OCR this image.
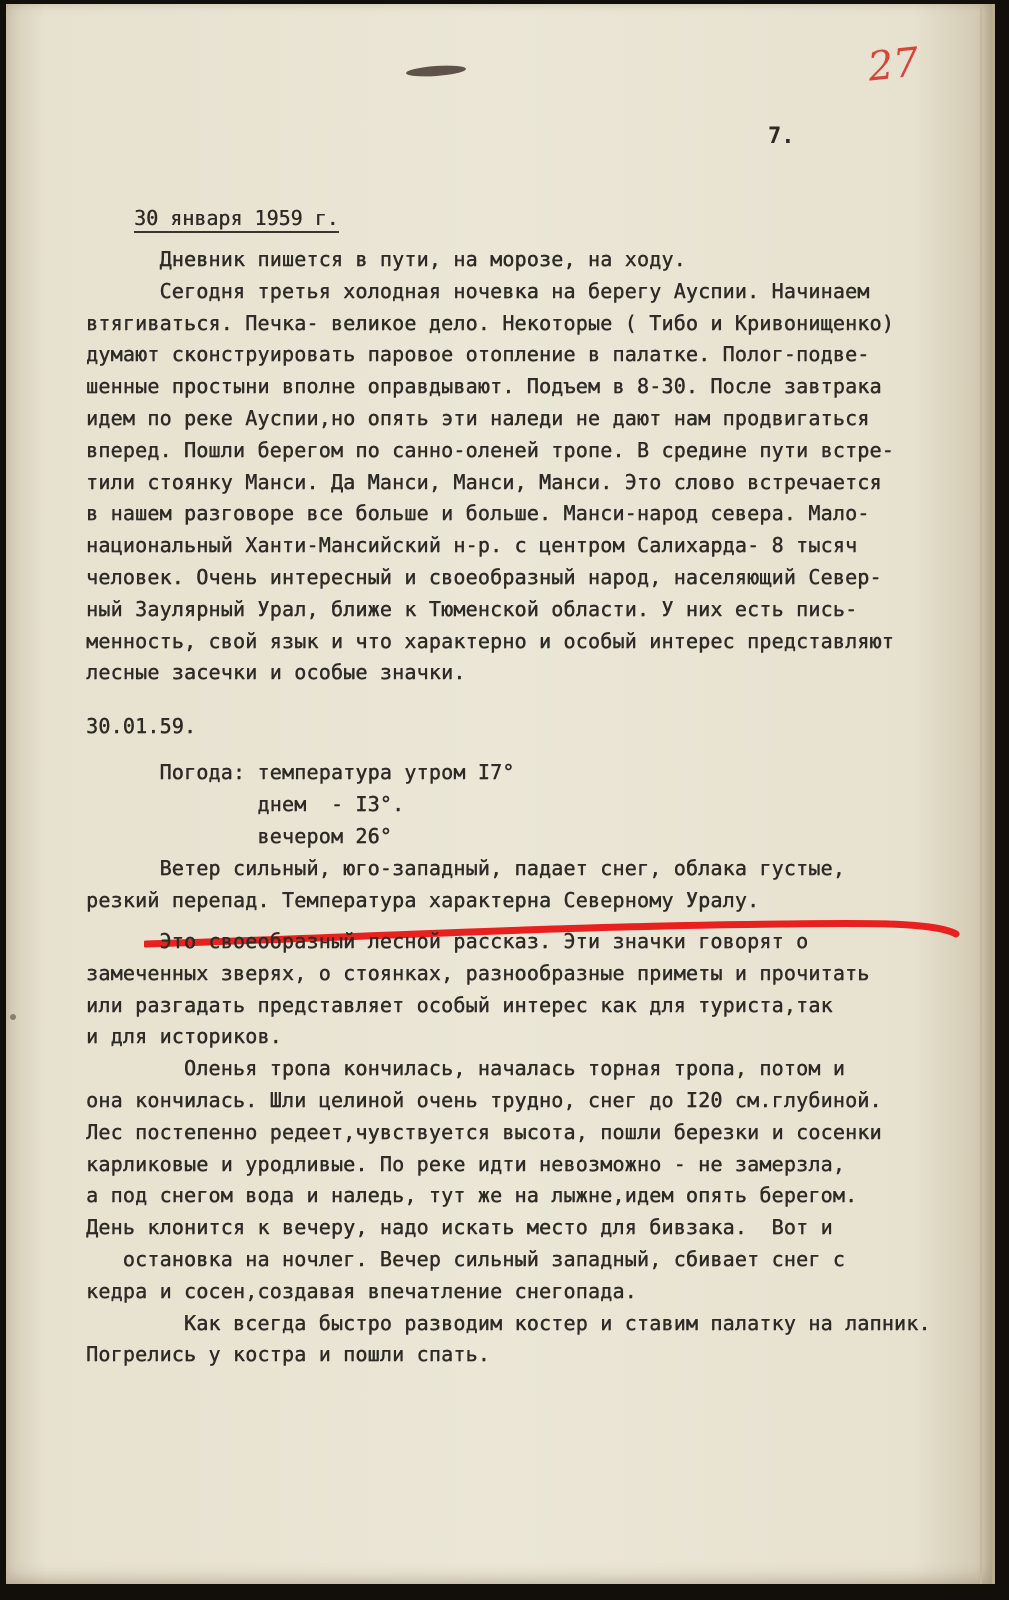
27
7.
30 января 1959 г.
Дневник пишется в пути, на морозе, на ходу.
Сегодня третья холодная ночевка на берегу Ауспии. Начинаем
втягиваться. Печка- великое дело. Некоторые ( Тибо и Кривонищенко)
думают сконструировать паровое отопление в палатке. Полог-подве-
шенные простыни вполне оправдывают. Подъем в 8-30. После завтрака
идем по реке Ауспии,но опять эти наледи не дают нам продвигаться
вперед. Пошли берегом по санно-оленей тропе. В средине пути встре-
тили стоянку Манси. Да Манси, Манси, Манси. Это слово встречается
в нашем разговоре все больше и больше. Манси-народ севера. Мало-
национальный Ханти-Мансийский н-р. с центром Салихарда- 8 тысяч
человек. Очень интересный и своеобразный народ, населяющий Север-
ный Заулярный Урал, ближе к Тюменской области. У них есть пись-
менность, свой язык и что характерно и особый интерес представляют
лесные засечки и особые значки.
30.01.59.
Погода: температура утром I7°
днем  - I3°.
вечером 26°
Ветер сильный, юго-западный, падает снег, облака густые,
резкий перепад. Температура характерна Северному Уралу.
Это своеобразный лесной рассказ. Эти значки говорят о
замеченных зверях, о стоянках, разнообразные приметы и прочитать
или разгадать представляет особый интерес как для туриста,так
и для историков.
Оленья тропа кончилась, началась торная тропа, потом и
она кончилась. Шли целиной очень трудно, снег до I20 см.глубиной.
Лес постепенно редеет,чувствуется высота, пошли березки и сосенки
карликовые и уродливые. По реке идти невозможно - не замерзла,
а под снегом вода и наледь, тут же на лыжне,идем опять берегом.
День клонится к вечеру, надо искать место для бивзака.  Вот и
остановка на ночлег. Вечер сильный западный, сбивает снег с
кедра и сосен,создавая впечатление снегопада.
Как всегда быстро разводим костер и ставим палатку на лапник.
Погрелись у костра и пошли спать.
